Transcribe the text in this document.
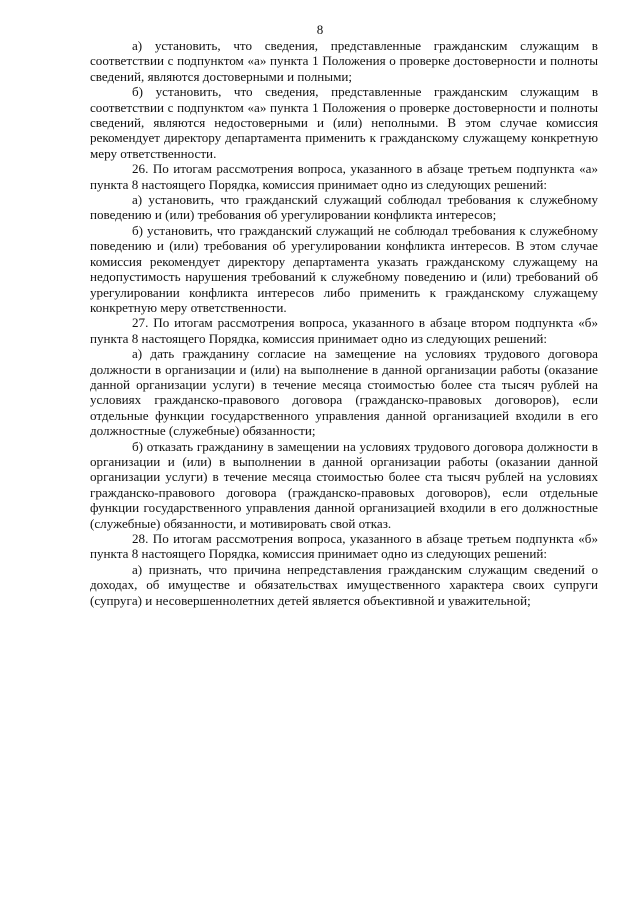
8

а) установить, что сведения, представленные гражданским служащим в соответствии с подпунктом «а» пункта 1 Положения о проверке достоверности и полноты сведений, являются достоверными и полными;

б) установить, что сведения, представленные гражданским служащим в соответствии с подпунктом «а» пункта 1 Положения о проверке достоверности и полноты сведений, являются недостоверными и (или) неполными. В этом случае комиссия рекомендует директору департамента применить к гражданскому служащему конкретную меру ответственности.

26. По итогам рассмотрения вопроса, указанного в абзаце третьем подпункта «а» пункта 8 настоящего Порядка, комиссия принимает одно из следующих решений:

а) установить, что гражданский служащий соблюдал требования к служебному поведению и (или) требования об урегулировании конфликта интересов;

б) установить, что гражданский служащий не соблюдал требования к служебному поведению и (или) требования об урегулировании конфликта интересов. В этом случае комиссия рекомендует директору департамента указать гражданскому служащему на недопустимость нарушения требований к служебному поведению и (или) требований об урегулировании конфликта интересов либо применить к гражданскому служащему конкретную меру ответственности.

27. По итогам рассмотрения вопроса, указанного в абзаце втором подпункта «б» пункта 8 настоящего Порядка, комиссия принимает одно из следующих решений:

а) дать гражданину согласие на замещение на условиях трудового договора должности в организации и (или) на выполнение в данной организации работы (оказание данной организации услуги) в течение месяца стоимостью более ста тысяч рублей на условиях гражданско-правового договора (гражданско-правовых договоров), если отдельные функции государственного управления данной организацией входили в его должностные (служебные) обязанности;

б) отказать гражданину в замещении на условиях трудового договора должности в организации и (или) в выполнении в данной организации работы (оказании данной организации услуги) в течение месяца стоимостью более ста тысяч рублей на условиях гражданско-правового договора (гражданско-правовых договоров), если отдельные функции государственного управления данной организацией входили в его должностные (служебные) обязанности, и мотивировать свой отказ.

28. По итогам рассмотрения вопроса, указанного в абзаце третьем подпункта «б» пункта 8 настоящего Порядка, комиссия принимает одно из следующих решений:

а) признать, что причина непредставления гражданским служащим сведений о доходах, об имуществе и обязательствах имущественного характера своих супруги (супруга) и несовершеннолетних детей является объективной и уважительной;
